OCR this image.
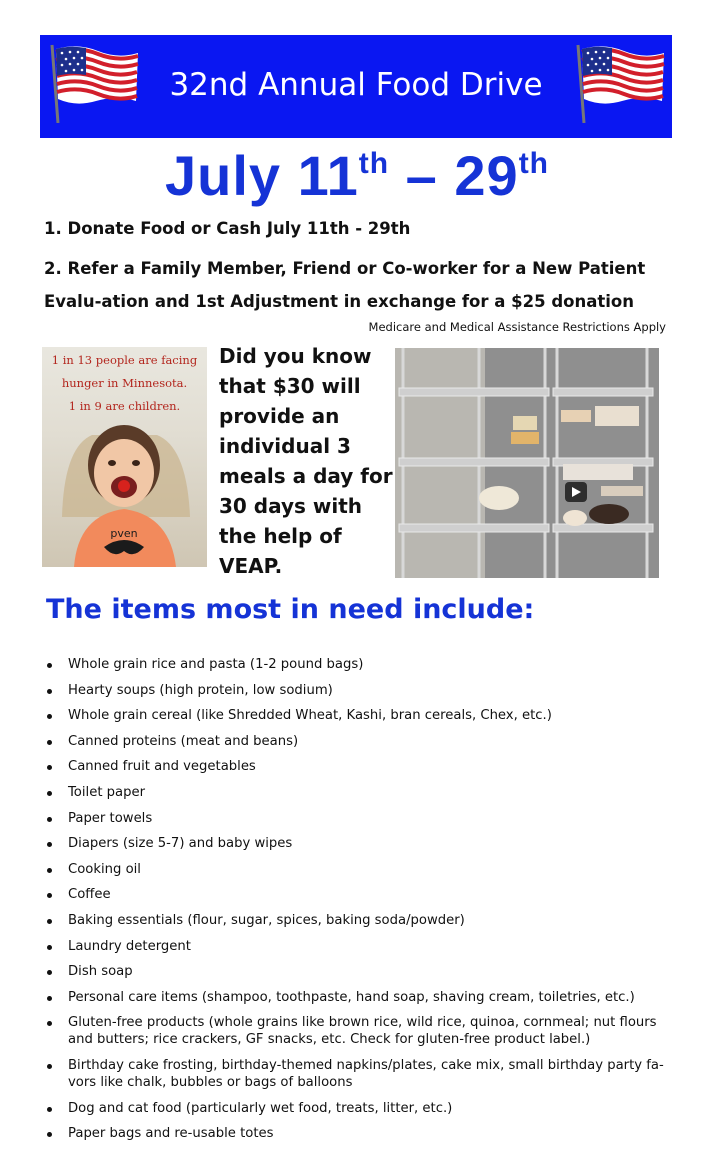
32nd Annual Food Drive
July 11th – 29th
1. Donate Food or Cash July 11th - 29th
2. Refer a Family Member, Friend or Co-worker for a New Patient Evalu-ation and 1st Adjustment in exchange for a $25 donation
Medicare and Medical Assistance Restrictions Apply
1 in 13 people are facing
hunger in Minnesota.
1 in 9 are children.
pven
Did you know that $30 will provide an individual 3 meals a day for 30 days with the help of VEAP.
The items most in need include:
Whole grain rice and pasta (1-2 pound bags)
Hearty soups (high protein, low sodium)
Whole grain cereal (like Shredded Wheat, Kashi, bran cereals, Chex, etc.)
Canned proteins (meat and beans)
Canned fruit and vegetables
Toilet paper
Paper towels
Diapers (size 5-7) and baby wipes
Cooking oil
Coffee
Baking essentials (flour, sugar, spices, baking soda/powder)
Laundry detergent
Dish soap
Personal care items (shampoo, toothpaste, hand soap, shaving cream, toiletries, etc.)
Gluten-free products (whole grains like brown rice, wild rice, quinoa, cornmeal; nut flours and butters; rice crackers, GF snacks, etc. Check for gluten-free product label.)
Birthday cake frosting, birthday-themed napkins/plates, cake mix, small birthday party fa-vors like chalk, bubbles or bags of balloons
Dog and cat food (particularly wet food, treats, litter, etc.)
Paper bags and re-usable totes
